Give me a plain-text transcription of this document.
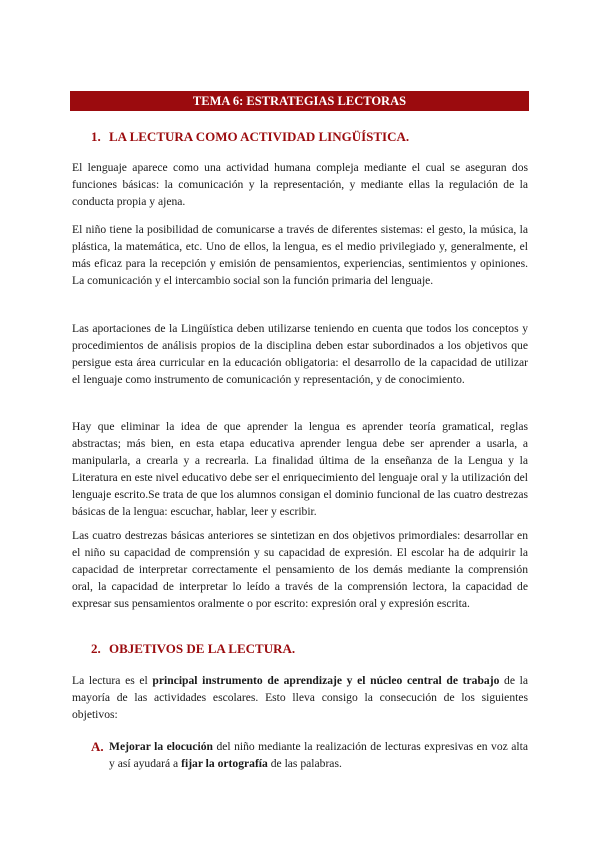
TEMA 6: ESTRATEGIAS LECTORAS
1. LA LECTURA COMO ACTIVIDAD LINGÜÍSTICA.

El lenguaje aparece como una actividad humana compleja mediante el cual se aseguran dos funciones básicas: la comunicación y la representación, y mediante ellas la regulación de la conducta propia y ajena.

El niño tiene la posibilidad de comunicarse a través de diferentes sistemas: el gesto, la música, la plástica, la matemática, etc. Uno de ellos, la lengua, es el medio privilegiado y, generalmente, el más eficaz para la recepción y emisión de pensamientos, experiencias, sentimientos y opiniones. La comunicación y el intercambio social son la función primaria del lenguaje.

Las aportaciones de la Lingüística deben utilizarse teniendo en cuenta que todos los conceptos y procedimientos de análisis propios de la disciplina deben estar subordinados a los objetivos que persigue esta área curricular en la educación obligatoria: el desarrollo de la capacidad de utilizar el lenguaje como instrumento de comunicación y representación, y de conocimiento.

Hay que eliminar la idea de que aprender la lengua es aprender teoría gramatical, reglas abstractas; más bien, en esta etapa educativa aprender lengua debe ser aprender a usarla, a manipularla, a crearla y a recrearla. La finalidad última de la enseñanza de la Lengua y la Literatura en este nivel educativo debe ser el enriquecimiento del lenguaje oral y la utilización del lenguaje escrito.Se trata de que los alumnos consigan el dominio funcional de las cuatro destrezas básicas de la lengua: escuchar, hablar, leer y escribir.

Las cuatro destrezas básicas anteriores se sintetizan en dos objetivos primordiales: desarrollar en el niño su capacidad de comprensión y su capacidad de expresión. El escolar ha de adquirir la capacidad de interpretar correctamente el pensamiento de los demás mediante la comprensión oral, la capacidad de interpretar lo leído a través de la comprensión lectora, la capacidad de expresar sus pensamientos oralmente o por escrito: expresión oral y expresión escrita.

2. OBJETIVOS DE LA LECTURA.

La lectura es el principal instrumento de aprendizaje y el núcleo central de trabajo de la mayoría de las actividades escolares. Esto lleva consigo la consecución de los siguientes objetivos:

A. Mejorar la elocución del niño mediante la realización de lecturas expresivas en voz alta y así ayudará a fijar la ortografía de las palabras.
